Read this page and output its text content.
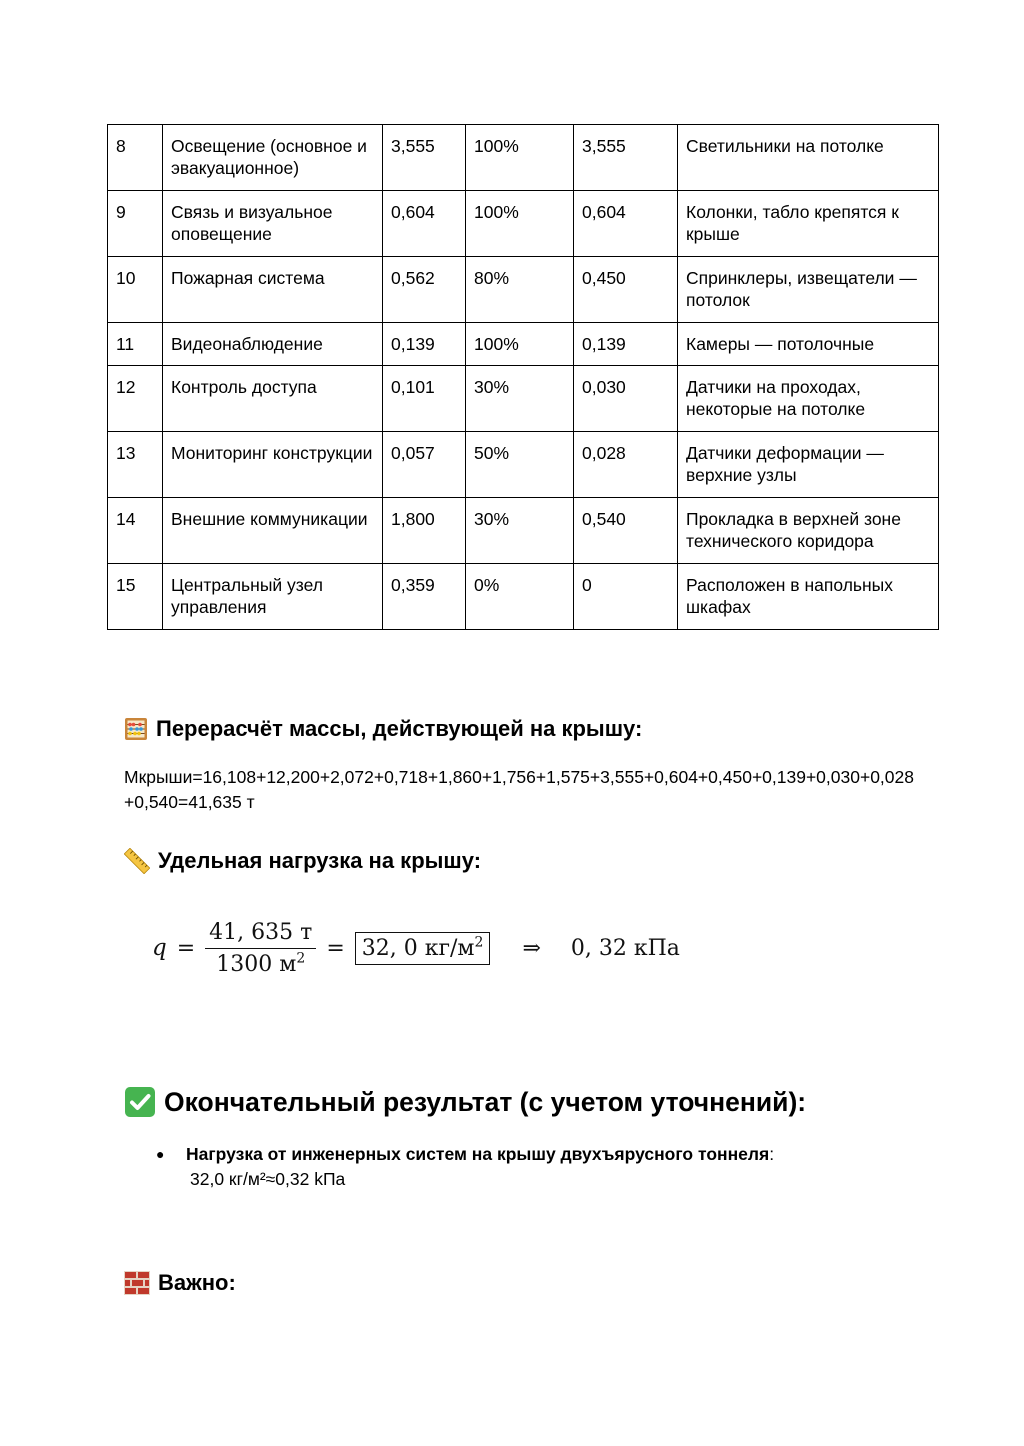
8	Освещение (основное и эвакуационное)	3,555	100%	3,555	Светильники на потолке
9	Связь и визуальное оповещение	0,604	100%	0,604	Колонки, табло крепятся к крыше
10	Пожарная система	0,562	80%	0,450	Спринклеры, извещатели — потолок
11	Видеонаблюдение	0,139	100%	0,139	Камеры — потолочные
12	Контроль доступа	0,101	30%	0,030	Датчики на проходах, некоторые на потолке
13	Мониторинг конструкции	0,057	50%	0,028	Датчики деформации — верхние узлы
14	Внешние коммуникации	1,800	30%	0,540	Прокладка в верхней зоне технического коридора
15	Центральный узел управления	0,359	0%	0	Расположен в напольных шкафах
Перерасчёт массы, действующей на крышу:
Мкрыши=16,108+12,200+2,072+0,718+1,860+1,756+1,575+3,555+0,604+0,450+0,139+0,030+0,028+0,540=41,635 т
Удельная нагрузка на крышу:
$q = \frac{41, 635 т}{1300 м^2} = 32$, 0 $кг/м^2$	⇒ 0, 32 кПа
Окончательный результат (с учетом уточнений):
● Нагрузка от инженерных систем на крышу двухъярусного тоннеля:
32,0 кг/м²≈0,32 kПа
Важно:
